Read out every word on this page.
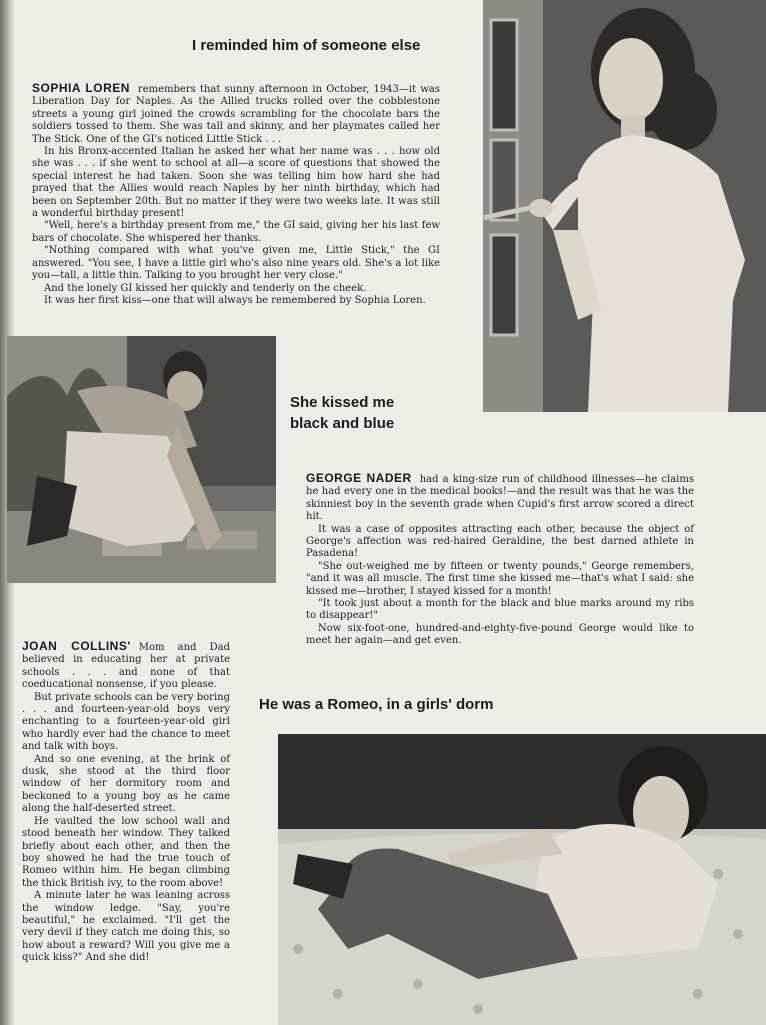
I reminded him of someone else

SOPHIA LOREN remembers that sunny afternoon in October, 1943—it was Liberation Day for Naples. As the Allied trucks rolled over the cobblestone streets a young girl joined the crowds scrambling for the chocolate bars the soldiers tossed to them. She was tall and skinny, and her playmates called her The Stick. One of the GI's noticed Little Stick . . .

In his Bronx-accented Italian he asked her what her name was . . . how old she was . . . if she went to school at all—a score of questions that showed the special interest he had taken. Soon she was telling him how hard she had prayed that the Allies would reach Naples by her ninth birthday, which had been on September 20th. But no matter if they were two weeks late. It was still a wonderful birthday present!

"Well, here's a birthday present from me," the GI said, giving her his last few bars of chocolate. She whispered her thanks.

"Nothing compared with what you've given me, Little Stick," the GI answered. "You see, I have a little girl who's also nine years old. She's a lot like you—tall, a little thin. Talking to you brought her very close."

And the lonely GI kissed her quickly and tenderly on the cheek.

It was her first kiss—one that will always be remembered by Sophia Loren.

She kissed me black and blue

GEORGE NADER had a king-size run of childhood illnesses—he claims he had every one in the medical books!—and the result was that he was the skinniest boy in the seventh grade when Cupid's first arrow scored a direct hit.

It was a case of opposites attracting each other, because the object of George's affection was red-haired Geraldine, the best darned athlete in Pasadena!

"She out-weighed me by fifteen or twenty pounds," George remembers, "and it was all muscle. The first time she kissed me—that's what I said: she kissed me—brother, I stayed kissed for a month!

"It took just about a month for the black and blue marks around my ribs to disappear!"

Now six-foot-one, hundred-and-eighty-five-pound George would like to meet her again—and get even.

He was a Romeo, in a girls' dorm

JOAN COLLINS' Mom and Dad believed in educating her at private schools . . . and none of that coeducational nonsense, if you please.

But private schools can be very boring . . . and fourteen-year-old boys very enchanting to a fourteen-year-old girl who hardly ever had the chance to meet and talk with boys.

And so one evening, at the brink of dusk, she stood at the third floor window of her dormitory room and beckoned to a young boy as he came along the half-deserted street.

He vaulted the low school wall and stood beneath her window. They talked briefly about each other, and then the boy showed he had the true touch of Romeo within him. He began climbing the thick British ivy, to the room above!

A minute later he was leaning across the window ledge. "Say, you're beautiful," he exclaimed. "I'll get the very devil if they catch me doing this, so how about a reward? Will you give me a quick kiss?" And she did!
